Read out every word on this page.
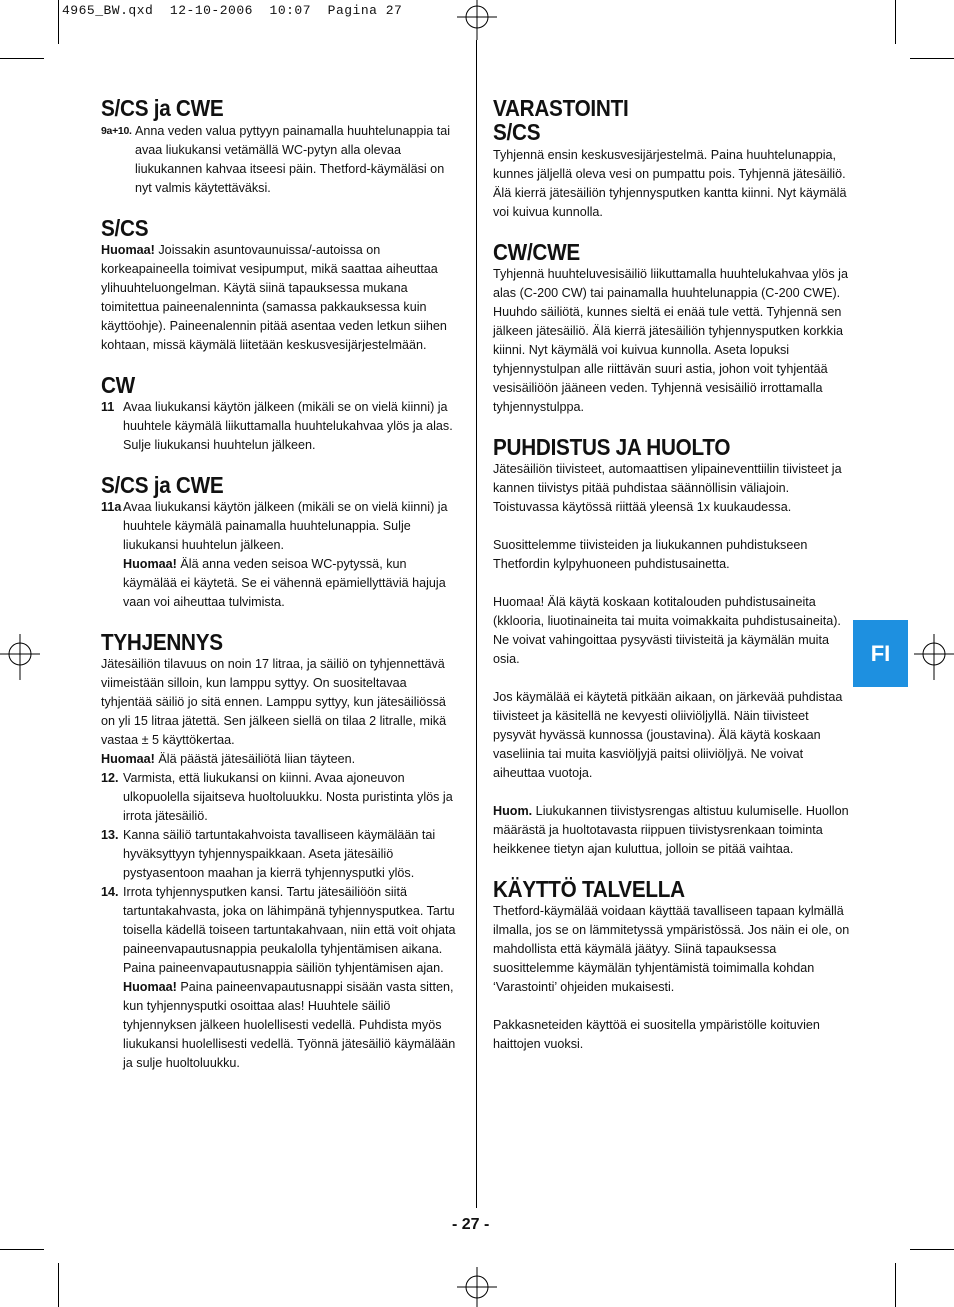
4965_BW.qxd  12-10-2006  10:07  Pagina 27
FI
S/CS ja CWE
9a+10. Anna veden valua pyttyyn painamalla huuhtelunappia tai avaa liukukansi vetämällä WC-pytyn alla olevaa liukukannen kahvaa itseesi päin. Thetford-käymäläsi on nyt valmis käytettäväksi.
S/CS

Huomaa! Joissakin asuntovaunuissa/-autoissa on korkeapaineella toimivat vesipumput, mikä saattaa aiheuttaa ylihuuhteluongelman. Käytä siinä tapauksessa mukana toimitettua paineenalenninta (samassa pakkauksessa kuin käyttöohje). Paineenalennin pitää asentaa veden letkun siihen kohtaan, missä käymälä liitetään keskusvesijärjestelmään.

CW
11 Avaa liukukansi käytön jälkeen (mikäli se on vielä kiinni) ja huuhtele käymälä liikuttamalla huuhtelukahvaa ylös ja alas. Sulje liukukansi huuhtelun jälkeen.
S/CS ja CWE
11a Avaa liukukansi käytön jälkeen (mikäli se on vielä kiinni) ja huuhtele käymälä painamalla huuhtelunappia. Sulje liukukansi huuhtelun jälkeen.
Huomaa! Älä anna veden seisoa WC-pytyssä, kun käymälää ei käytetä. Se ei vähennä epämiellyttäviä hajuja vaan voi aiheuttaa tulvimista.
TYHJENNYS

Jätesäiliön tilavuus on noin 17 litraa, ja säiliö on tyhjennettävä viimeistään silloin, kun lamppu syttyy. On suositeltavaa tyhjentää säiliö jo sitä ennen. Lamppu syttyy, kun jätesäiliössä on yli 15 litraa jätettä. Sen jälkeen siellä on tilaa 2 litralle, mikä vastaa ± 5 käyttökertaa.

Huomaa! Älä päästä jätesäiliötä liian täyteen.

12. Varmista, että liukukansi on kiinni. Avaa ajoneuvon ulkopuolella sijaitseva huoltoluukku. Nosta puristinta ylös ja irrota jätesäiliö.
13. Kanna säiliö tartuntakahvoista tavalliseen käymälään tai hyväksyttyyn tyhjennyspaikkaan. Aseta jätesäiliö pystyasentoon maahan ja kierrä tyhjennysputki ylös.
14. Irrota tyhjennysputken kansi. Tartu jätesäiliöön siitä tartuntakahvasta, joka on lähimpänä tyhjennysputkea. Tartu toisella kädellä toiseen tartuntakahvaan, niin että voit ohjata paineenvapautusnappia peukalolla tyhjentämisen aikana. Paina paineenvapautusnappia säiliön tyhjentämisen ajan.
Huomaa! Paina paineenvapautusnappi sisään vasta sitten, kun tyhjennysputki osoittaa alas! Huuhtele säiliö tyhjennyksen jälkeen huolellisesti vedellä. Puhdista myös liukukansi huolellisesti vedellä. Työnnä jätesäiliö käymälään ja sulje huoltoluukku.
VARASTOINTI
S/CS

Tyhjennä ensin keskusvesijärjestelmä. Paina huuhtelunappia, kunnes jäljellä oleva vesi on pumpattu pois. Tyhjennä jätesäiliö. Älä kierrä jätesäiliön tyhjennysputken kantta kiinni. Nyt käymälä voi kuivua kunnolla.

CW/CWE

Tyhjennä huuhteluvesisäiliö liikuttamalla huuhtelukahvaa ylös ja alas (C-200 CW) tai painamalla huuhtelunappia (C-200 CWE). Huuhdo säiliötä, kunnes sieltä ei enää tule vettä. Tyhjennä sen jälkeen jätesäiliö. Älä kierrä jätesäiliön tyhjennysputken korkkia kiinni. Nyt käymälä voi kuivua kunnolla. Aseta lopuksi tyhjennystulpan alle riittävän suuri astia, johon voit tyhjentää vesisäiliöön jääneen veden. Tyhjennä vesisäiliö irrottamalla tyhjennystulppa.

PUHDISTUS JA HUOLTO

Jätesäiliön tiivisteet, automaattisen ylipaineventtiilin tiivisteet ja kannen tiivistys pitää puhdistaa säännöllisin väliajoin. Toistuvassa käytössä riittää yleensä 1x kuukaudessa.

Suosittelemme tiivisteiden ja liukukannen puhdistukseen Thetfordin kylpyhuoneen puhdistusainetta.

Huomaa! Älä käytä koskaan kotitalouden puhdistusaineita (kklooria, liuotinaineita tai muita voimakkaita puhdistusaineita). Ne voivat vahingoittaa pysyvästi tiivisteitä ja käymälän muita osia.

Jos käymälää ei käytetä pitkään aikaan, on järkevää puhdistaa tiivisteet ja käsitellä ne kevyesti oliiviöljyllä. Näin tiivisteet pysyvät hyvässä kunnossa (joustavina). Älä käytä koskaan vaseliinia tai muita kasviöljyjä paitsi oliiviöljyä. Ne voivat aiheuttaa vuotoja.

Huom. Liukukannen tiivistysrengas altistuu kulumiselle. Huollon määrästä ja huoltotavasta riippuen tiivistysrenkaan toiminta heikkenee tietyn ajan kuluttua, jolloin se pitää vaihtaa.

KÄYTTÖ TALVELLA

Thetford-käymälää voidaan käyttää tavalliseen tapaan kylmällä ilmalla, jos se on lämmitetyssä ympäristössä. Jos näin ei ole, on mahdollista että käymälä jäätyy. Siinä tapauksessa suosittelemme käymälän tyhjentämistä toimimalla kohdan ‘Varastointi’ ohjeiden mukaisesti.

Pakkasneteiden käyttöä ei suositella ympäristölle koituvien haittojen vuoksi.

- 27 -
